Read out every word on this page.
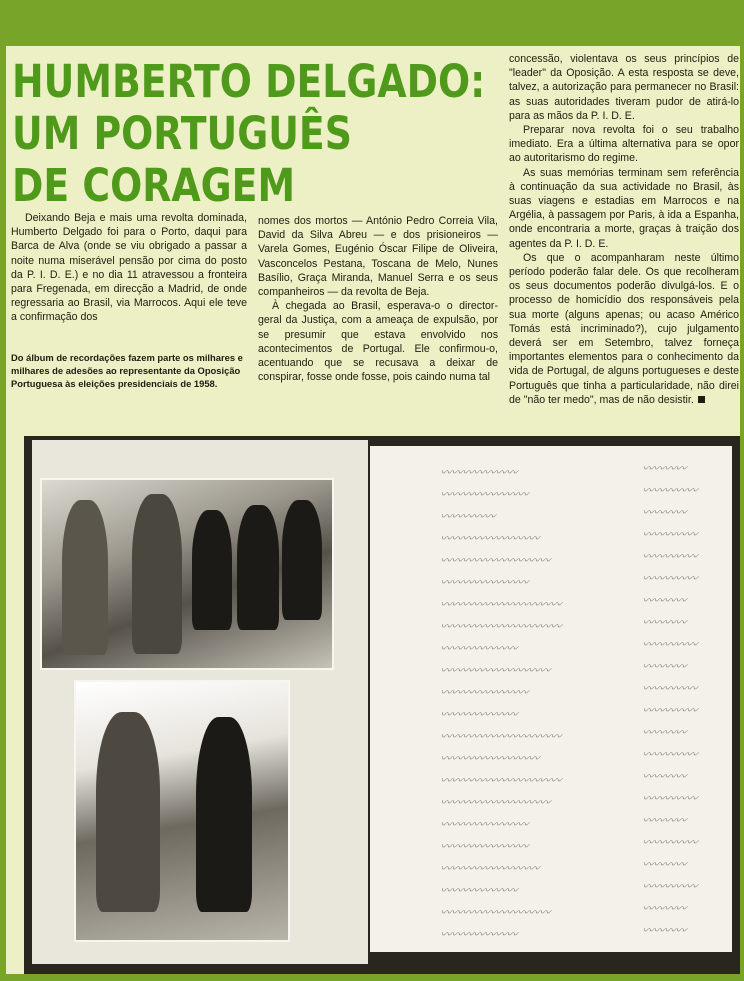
HUMBERTO DELGADO:
UM PORTUGUÊS
DE CORAGEM

Deixando Beja e mais uma revolta dominada, Humberto Delgado foi para o Porto, daqui para Barca de Alva (onde se viu obrigado a passar a noite numa miserável pensão por cima do posto da P. I. D. E.) e no dia 11 atravessou a fronteira para Fregenada, em direcção a Madrid, de onde regressaria ao Brasil, via Marrocos. Aqui ele teve a confirmação dos

Do álbum de recordações fazem parte os milhares e milhares de adesões ao representante da Oposição Portuguesa às eleições presidenciais de 1958.

nomes dos mortos — António Pedro Correia Vila, David da Silva Abreu — e dos prisioneiros — Varela Gomes, Eugénio Óscar Filipe de Oliveira, Vasconcelos Pestana, Toscana de Melo, Nunes Basílio, Graça Miranda, Manuel Serra e os seus companheiros — da revolta de Beja.

À chegada ao Brasil, esperava-o o director-geral da Justiça, com a ameaça de expulsão, por se presumir que estava envolvido nos acontecimentos de Portugal. Ele confirmou-o, acentuando que se recusava a deixar de conspirar, fosse onde fosse, pois caindo numa tal

concessão, violentava os seus princípios de "leader" da Oposição. A esta resposta se deve, talvez, a autorização para permanecer no Brasil: as suas autoridades tiveram pudor de atirá-lo para as mãos da P. I. D. E.

Preparar nova revolta foi o seu trabalho imediato. Era a última alternativa para se opor ao autoritarismo do regime.

As suas memórias terminam sem referência à continuação da sua actividade no Brasil, às suas viagens e estadias em Marrocos e na Argélia, à passagem por Paris, à ida a Espanha, onde encontraria a morte, graças à traição dos agentes da P. I. D. E.

Os que o acompanharam neste último período poderão falar dele. Os que recolheram os seus documentos poderão divulgá-los. E o processo de homicídio dos responsáveis pela sua morte (alguns apenas; ou acaso Américo Tomás está incriminado?), cujo julgamento deverá ser em Setembro, talvez forneça importantes elementos para o conhecimento da vida de Portugal, de alguns portugueses e deste Português que tinha a particularidade, não direi de "não ter medo", mas de não desistir.

〰〰〰〰〰〰〰
〰〰〰〰〰〰〰〰
〰〰〰〰〰
〰〰〰〰〰〰〰〰〰
〰〰〰〰〰〰〰〰〰〰
〰〰〰〰〰〰〰〰
〰〰〰〰〰〰〰〰〰〰〰
〰〰〰〰〰〰〰〰〰〰〰
〰〰〰〰〰〰〰
〰〰〰〰〰〰〰〰〰〰
〰〰〰〰〰〰〰〰
〰〰〰〰〰〰〰
〰〰〰〰〰〰〰〰〰〰〰
〰〰〰〰〰〰〰〰〰
〰〰〰〰〰〰〰〰〰〰〰
〰〰〰〰〰〰〰〰〰〰
〰〰〰〰〰〰〰〰
〰〰〰〰〰〰〰〰
〰〰〰〰〰〰〰〰〰
〰〰〰〰〰〰〰
〰〰〰〰〰〰〰〰〰〰
〰〰〰〰〰〰〰
〰〰〰〰
〰〰〰〰〰
〰〰〰〰
〰〰〰〰〰
〰〰〰〰〰
〰〰〰〰〰
〰〰〰〰
〰〰〰〰
〰〰〰〰〰
〰〰〰〰
〰〰〰〰〰
〰〰〰〰〰
〰〰〰〰
〰〰〰〰〰
〰〰〰〰
〰〰〰〰〰
〰〰〰〰
〰〰〰〰〰
〰〰〰〰
〰〰〰〰〰
〰〰〰〰
〰〰〰〰
